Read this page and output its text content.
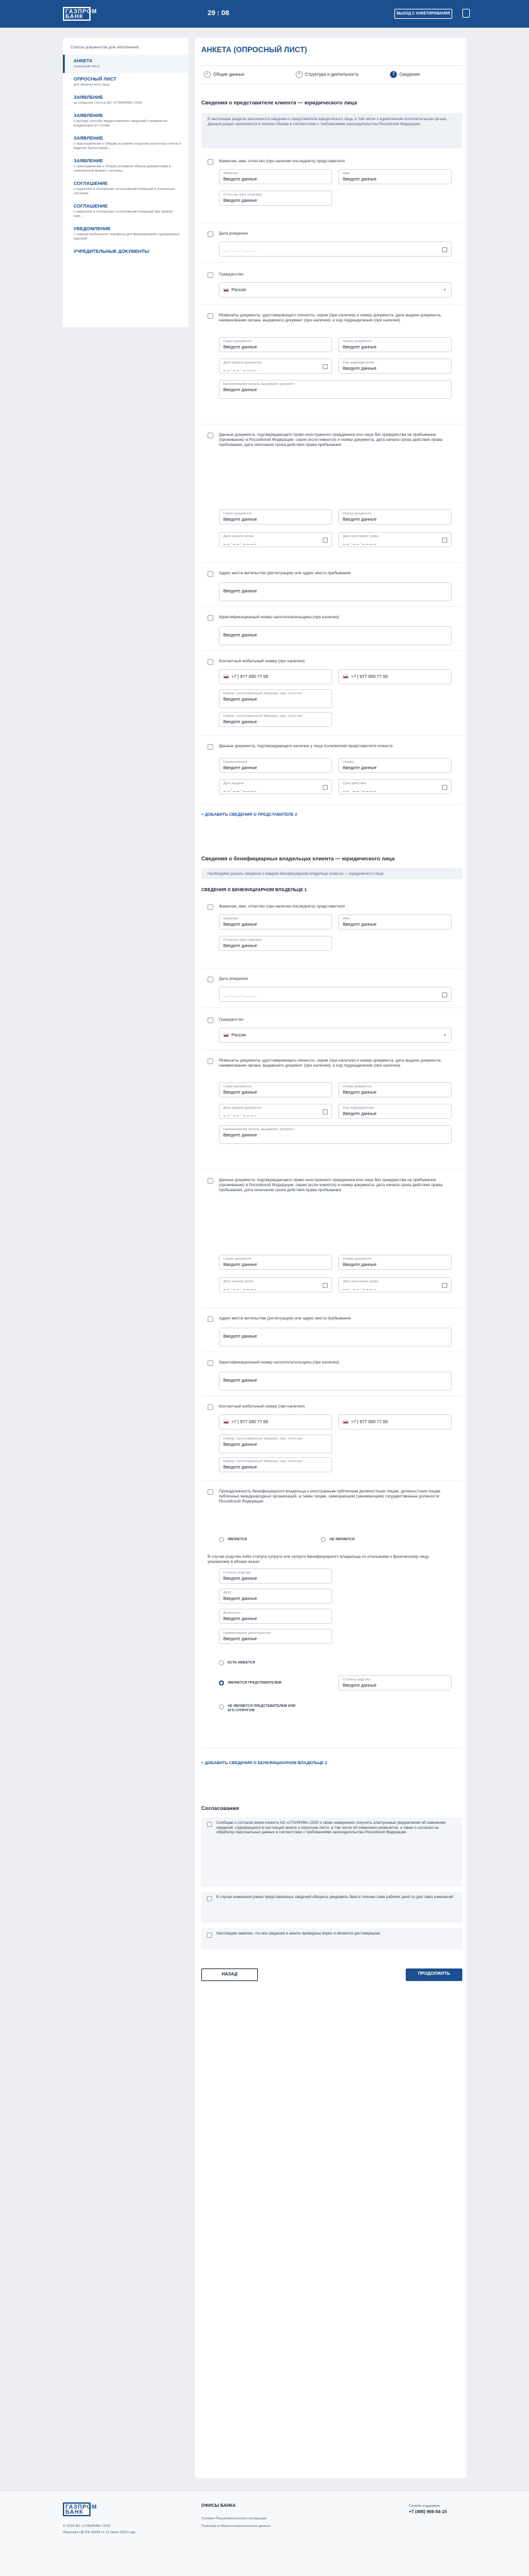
ГАЗПРОМ БАНК	29 : 08	ВЫХОД С АНКЕТИРОВАНИЯ
Список документов для заполнения
АНКЕТА
(опросный лист)
ОПРОСНЫЙ ЛИСТ
для физического лица
ЗАЯВЛЕНИЕ
на открытие счета в АО «СТАНРИМ» ООО
ЗАЯВЛЕНИЕ
о выборе способа предоставления сведений о реквизитах владельцев по счетам
ЗАЯВЛЕНИЕ
о присоединении к Общим условиям открытия расчетных счетов и ведения бухгалтерии...
ЗАЯВЛЕНИЕ
о присоединении к Общим условиям обмена документами в электронной форме с использ...
СОГЛАШЕНИЕ
о гарантиях в отношении согласований операций в платежных системах
СОГЛАШЕНИЕ
о гарантиях в отношении согласований операций при приёме карт...
УВЕДОМЛЕНИЕ
о номере мобильного телефона для формирования одноразовых паролей
УЧРЕДИТЕЛЬНЫЕ ДОКУМЕНТЫ
АНКЕТА (ОПРОСНЫЙ ЛИСТ)
✓ Общие данные	✓ Структура и деятельность	3 Сведения
Сведения о представителе клиента — юридического лица
В настоящем разделе заполняются сведения о представителе юридического лица, в том числе о единоличном исполнительном органе. Данный раздел заполняется в полном объёме в соответствии с требованиями законодательства Российской Федерации.
Фамилия, имя, отчество (при наличии последнего) представителя
Фамилия
Введите данные
Имя
Введите данные
Отчество (при наличии)
Введите данные
Дата рождения
_ _ . _ _ . _ _ _ _
Гражданство
Россия	▾
Реквизиты документа, удостоверяющего личность: серия (при наличии) и номер документа, дата выдачи документа, наименование органа, выдавшего документ (при наличии), и код подразделения (при наличии)
Серия документа
Введите данные
Номер документа
Введите данные
Дата выдачи документа
_ _ . _ _ . _ _ _ _
Код подразделения
Введите данные
Наименование органа, выдавшего документ
Введите данные
Данные документа, подтверждающего право иностранного гражданина или лица без гражданства на пребывание (проживание) в Российской Федерации: серия (если имеется) и номер документа, дата начала срока действия права пребывания, дата окончания срока действия права пребывания
Серия документа
Введите данные
Номер документа
Введите данные
Дата начала срока
_ _ . _ _ . _ _ _ _
Дата окончания срока
_ _ . _ _ . _ _ _ _
Адрес места жительства (регистрации) или адрес места пребывания
Введите данные
Идентификационный номер налогоплательщика (при наличии)
Введите данные
Контактный мобильный номер (при наличии)
+7 | 977 000 77 00	+7 | 977 000 77 00
Номер, сопоставленный Фамилия, имя, отчество
Введите данные
Номер, сопоставленный Фамилия, имя, отчество
Введите данные
Данные документа, подтверждающего наличие у лица полномочий представителя клиента
Наименование
Введите данные
Номер
Введите данные
Дата выдачи
_ _ . _ _ . _ _ _ _
Срок действия
_ _ . _ _ . _ _ _ _
+ ДОБАВИТЬ СВЕДЕНИЯ О ПРЕДСТАВИТЕЛЕ 2
Сведения о бенефициарных владельцах клиента — юридического лица
Необходимо указать сведения о каждом бенефициарном владельце клиента — юридического лица
СВЕДЕНИЯ О БЕНЕФИЦИАРНОМ ВЛАДЕЛЬЦЕ 1
Фамилия, имя, отчество (при наличии последнего) представителя
Фамилия
Введите данные
Имя
Введите данные
Отчество (при наличии)
Введите данные
Дата рождения
_ _ . _ _ . _ _ _ _
Гражданство
Россия	▾
Реквизиты документа, удостоверяющего личность: серия (при наличии) и номер документа, дата выдачи документа, наименование органа, выдавшего документ (при наличии), и код подразделения (при наличии)
Серия документа
Введите данные
Номер документа
Введите данные
Дата выдачи документа
_ _ . _ _ . _ _ _ _
Код подразделения
Введите данные
Наименование органа, выдавшего документ
Введите данные
Данные документа, подтверждающего право иностранного гражданина или лица без гражданства на пребывание (проживание) в Российской Федерации: серия (если имеется) и номер документа, дата начала срока действия права пребывания, дата окончания срока действия права пребывания
Серия документа
Введите данные
Номер документа
Введите данные
Дата начала срока
_ _ . _ _ . _ _ _ _
Дата окончания срока
_ _ . _ _ . _ _ _ _
Адрес места жительства (регистрации) или адрес места пребывания
Введите данные
Идентификационный номер налогоплательщика (при наличии)
Введите данные
Контактный мобильный номер (при наличии)
+7 | 977 000 77 00	+7 | 977 000 77 00
Номер, сопоставленный Фамилия, имя, отчество
Введите данные
Номер, сопоставленный Фамилия, имя, отчество
Введите данные
Принадлежность бенефициарного владельца к иностранным публичным должностным лицам, должностным лицам публичных международных организаций, а также лицам, замещающим (занимающим) государственные должности Российской Федерации
ЯВЛЯЕТСЯ	НЕ ЯВЛЯЕТСЯ
В случае родства либо статуса супруга или супруги бенефициарного владельца по отношению к физическому лицу, указанному в абзаце выше:
Степень родства
Введите данные
ФИО
Введите данные
Должность
Введите данные
Наименование работодателя
Введите данные
ЕСТЬ ИМЕЕТСЯ
ЯВЛЯЕТСЯ ПРЕДСТАВИТЕЛЕМ
Степень родства
Введите данные
НЕ ЯВЛЯЕТСЯ ПРЕДСТАВИТЕЛЕМ ИЛИ ЕГО СУПРУГОМ
+ ДОБАВИТЬ СВЕДЕНИЯ О БЕНЕФИЦИАРНОМ ВЛАДЕЛЬЦЕ 2
Согласования
Сообщаю о согласии моем клиента АО «СТАНРИМ» ООО о своих намерениях получить электронные уведомления об изменении сведений, содержащихся в настоящей анкете и опросном листе, в том числе об изменении реквизитов, а также о согласии на обработку персональных данных в соответствии с требованиями законодательства Российской Федерации.
В случае изменения ранее представленных сведений обязуюсь уведомить банк в течение семи рабочих дней со дня таких изменений.
Настоящим заявляю, что все сведения в анкете приведены верно и являются достоверными.
НАЗАД	ПРОДОЛЖИТЬ
ГАЗПРОМ БАНК
© 2024 АО «СТАНРИМ» ООО
Лицензия ЦБ РФ №354 от 12 июля 2020 года
ОФИСЫ БАНКА
Условия Пользовательского соглашения
Политика в области персональных данных
Служба поддержки
+7 (495) 969-54-15
